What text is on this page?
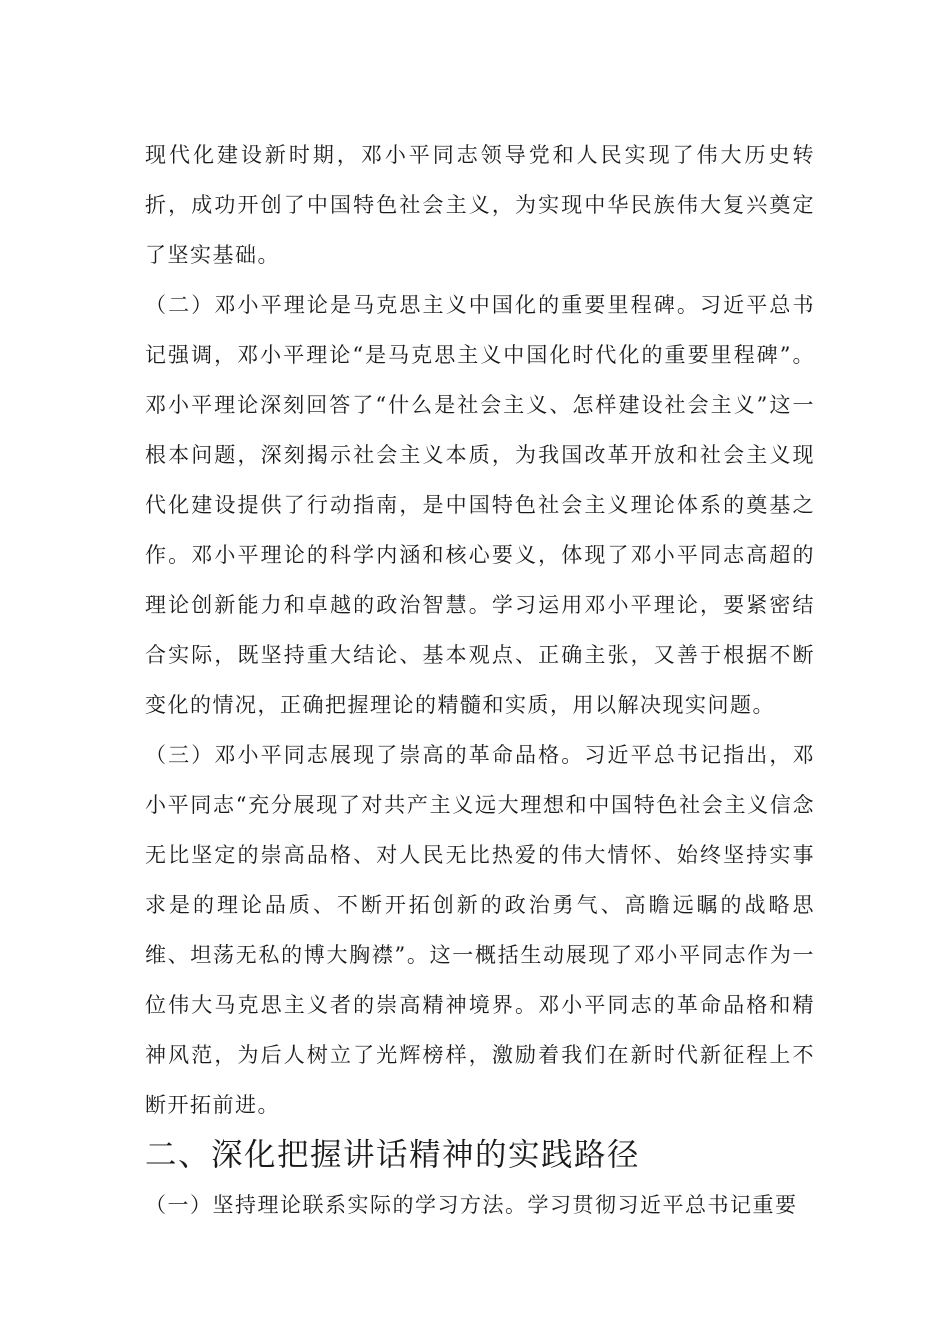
现代化建设新时期，邓小平同志领导党和人民实现了伟大历史转折，成功开创了中国特色社会主义，为实现中华民族伟大复兴奠定了坚实基础。

（二）邓小平理论是马克思主义中国化的重要里程碑。习近平总书记强调，邓小平理论“是马克思主义中国化时代化的重要里程碑”。邓小平理论深刻回答了“什么是社会主义、怎样建设社会主义”这一根本问题，深刻揭示社会主义本质，为我国改革开放和社会主义现代化建设提供了行动指南，是中国特色社会主义理论体系的奠基之作。邓小平理论的科学内涵和核心要义，体现了邓小平同志高超的理论创新能力和卓越的政治智慧。学习运用邓小平理论，要紧密结合实际，既坚持重大结论、基本观点、正确主张，又善于根据不断变化的情况，正确把握理论的精髓和实质，用以解决现实问题。

（三）邓小平同志展现了崇高的革命品格。习近平总书记指出，邓小平同志“充分展现了对共产主义远大理想和中国特色社会主义信念无比坚定的崇高品格、对人民无比热爱的伟大情怀、始终坚持实事求是的理论品质、不断开拓创新的政治勇气、高瞻远瞩的战略思维、坦荡无私的博大胸襟”。这一概括生动展现了邓小平同志作为一位伟大马克思主义者的崇高精神境界。邓小平同志的革命品格和精神风范，为后人树立了光辉榜样，激励着我们在新时代新征程上不断开拓前进。

二、深化把握讲话精神的实践路径

（一）坚持理论联系实际的学习方法。学习贯彻习近平总书记重要
